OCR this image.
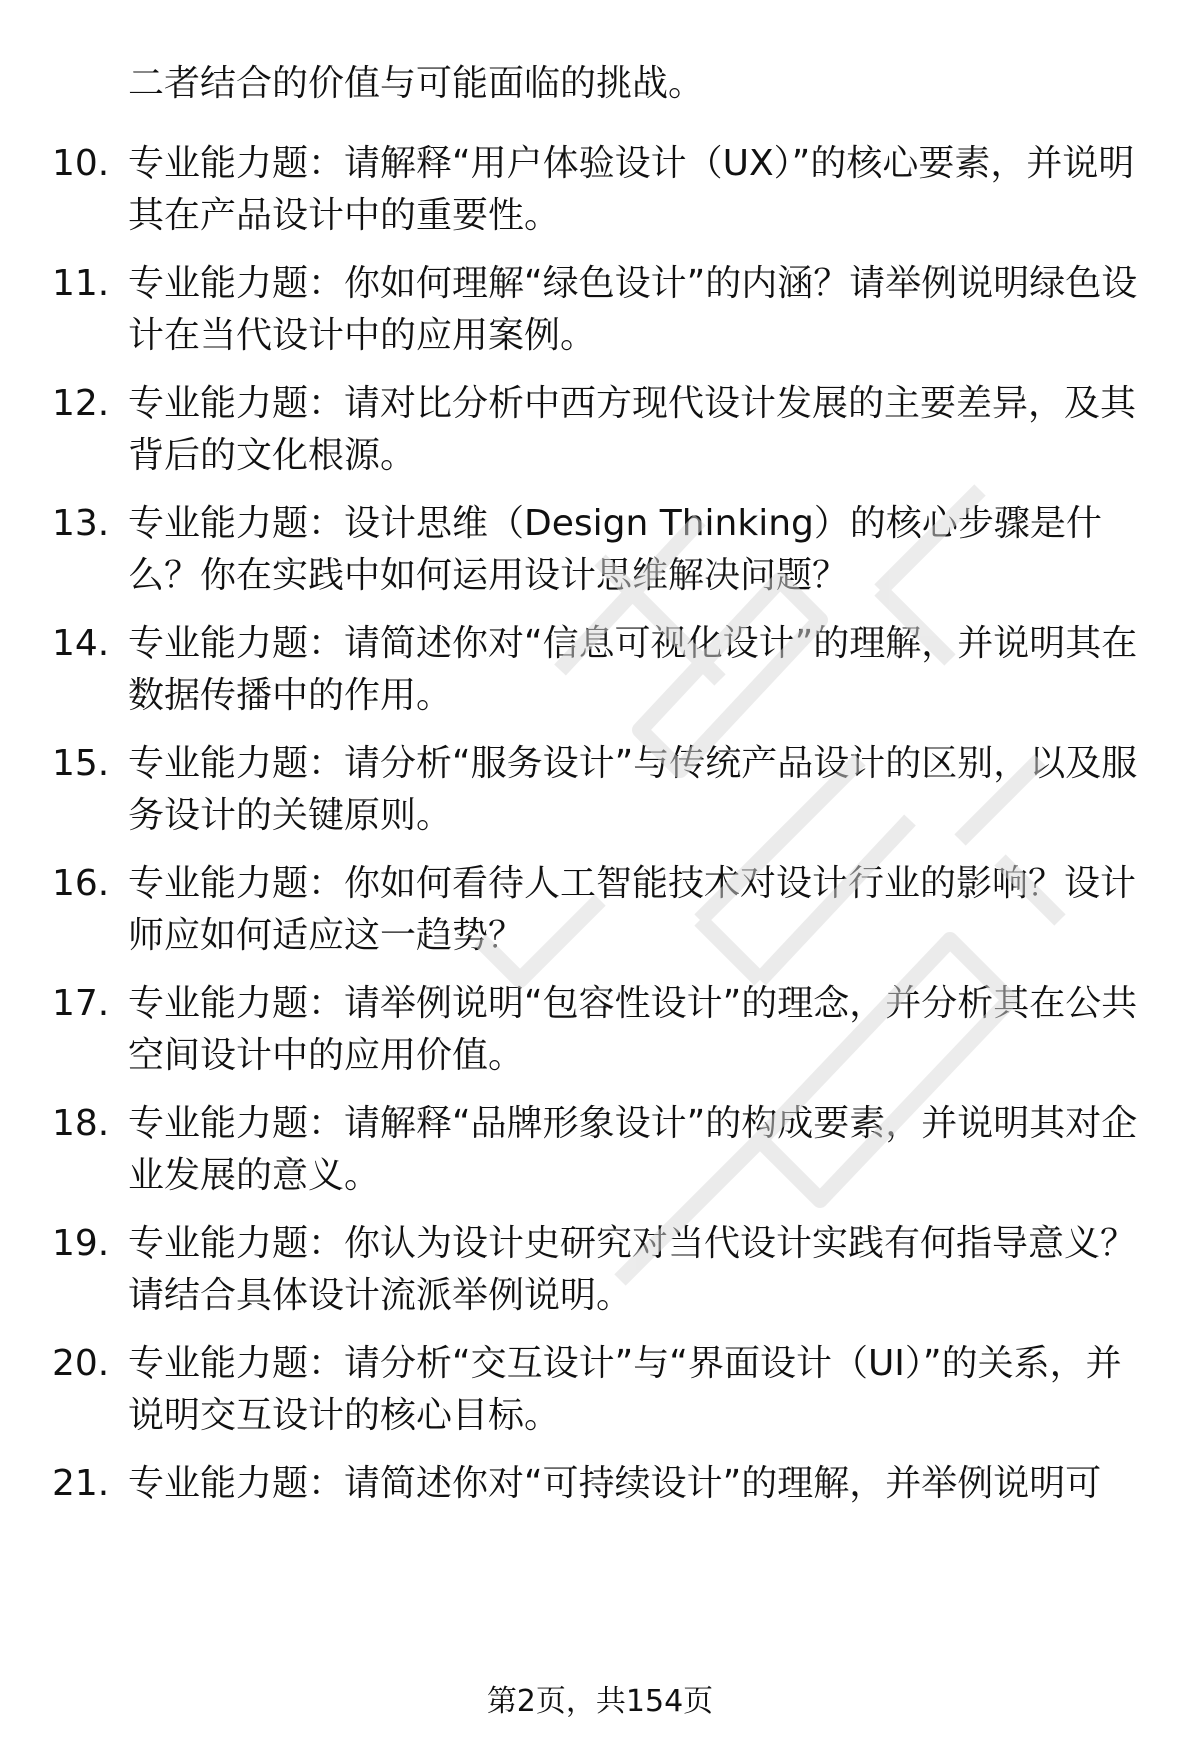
二者结合的价值与可能面临的挑战。
10. 专业能力题：请解释“用户体验设计（UX）”的核心要素，并说明其在产品设计中的重要性。
11. 专业能力题：你如何理解“绿色设计”的内涵？请举例说明绿色设计在当代设计中的应用案例。
12. 专业能力题：请对比分析中西方现代设计发展的主要差异，及其背后的文化根源。
13. 专业能力题：设计思维（Design Thinking）的核心步骤是什么？你在实践中如何运用设计思维解决问题？
14. 专业能力题：请简述你对“信息可视化设计”的理解，并说明其在数据传播中的作用。
15. 专业能力题：请分析“服务设计”与传统产品设计的区别，以及服务设计的关键原则。
16. 专业能力题：你如何看待人工智能技术对设计行业的影响？设计师应如何适应这一趋势？
17. 专业能力题：请举例说明“包容性设计”的理念，并分析其在公共空间设计中的应用价值。
18. 专业能力题：请解释“品牌形象设计”的构成要素，并说明其对企业发展的意义。
19. 专业能力题：你认为设计史研究对当代设计实践有何指导意义？请结合具体设计流派举例说明。
20. 专业能力题：请分析“交互设计”与“界面设计（UI）”的关系，并说明交互设计的核心目标。
21. 专业能力题：请简述你对“可持续设计”的理解，并举例说明可
第2页，共154页
